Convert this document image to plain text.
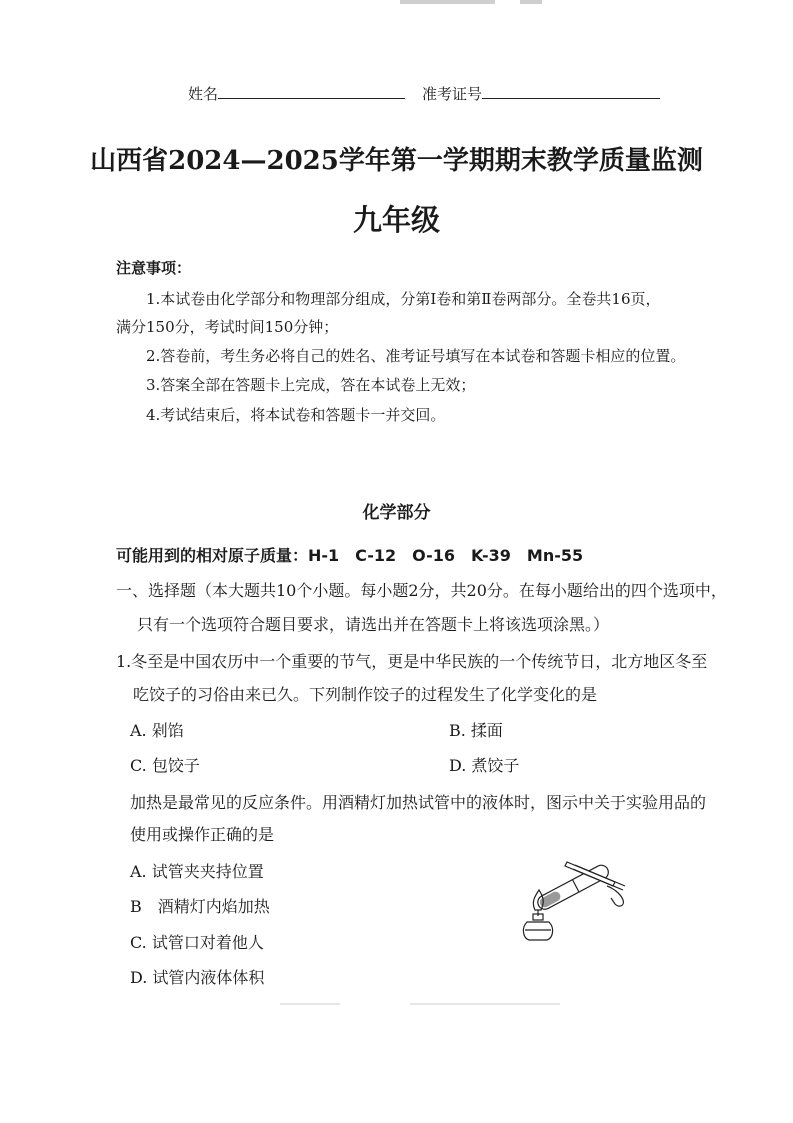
姓名	准考证号
山西省2024—2025学年第一学期期末教学质量监测
九年级
注意事项：
1.本试卷由化学部分和物理部分组成，分第Ⅰ卷和第Ⅱ卷两部分。全卷共16页，
满分150分，考试时间150分钟；
2.答卷前，考生务必将自己的姓名、准考证号填写在本试卷和答题卡相应的位置。
3.答案全部在答题卡上完成，答在本试卷上无效；
4.考试结束后，将本试卷和答题卡一并交回。
化学部分
可能用到的相对原子质量：H-1　C-12　O-16　K-39　Mn-55
一、选择题（本大题共10个小题。每小题2分，共20分。在每小题给出的四个选项中，
只有一个选项符合题目要求，请选出并在答题卡上将该选项涂黑。）
1.冬至是中国农历中一个重要的节气，更是中华民族的一个传统节日，北方地区冬至
吃饺子的习俗由来已久。下列制作饺子的过程发生了化学变化的是
A. 剁馅	B. 揉面
C. 包饺子	D. 煮饺子
加热是最常见的反应条件。用酒精灯加热试管中的液体时，图示中关于实验用品的
使用或操作正确的是
A. 试管夹夹持位置
B　酒精灯内焰加热
C. 试管口对着他人
D. 试管内液体体积
